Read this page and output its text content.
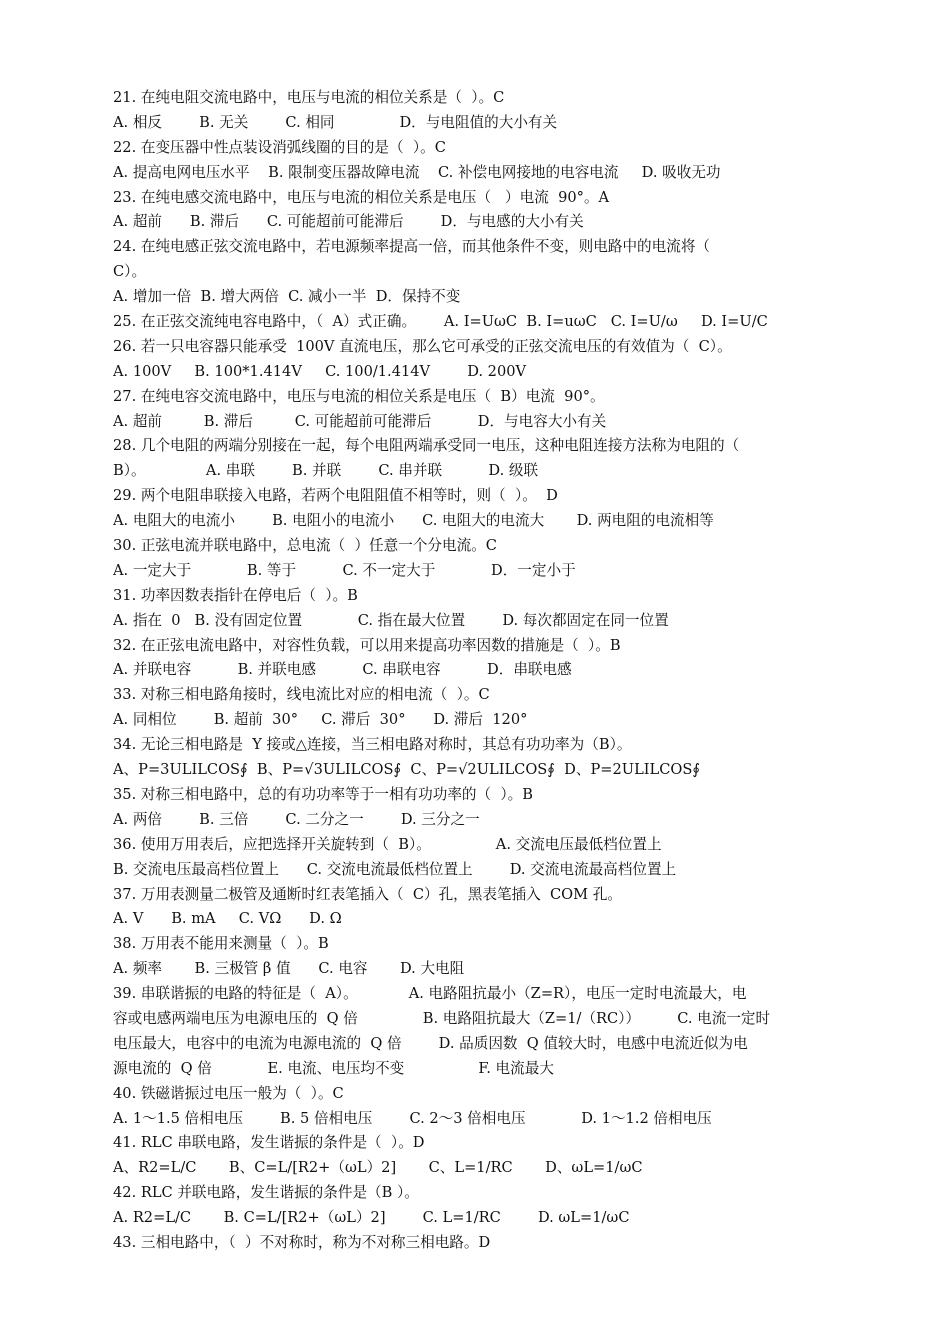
21. 在纯电阻交流电路中，电压与电流的相位关系是（  ）。C
A. 相反        B. 无关        C. 相同              D．与电阻值的大小有关
22. 在变压器中性点装设消弧线圈的目的是（  ）。C
A. 提高电网电压水平    B. 限制变压器故障电流    C. 补偿电网接地的电容电流     D. 吸收无功
23. 在纯电感交流电路中，电压与电流的相位关系是电压（   ）电流  90°。A
A. 超前      B. 滞后      C. 可能超前可能滞后        D．与电感的大小有关
24. 在纯电感正弦交流电路中，若电源频率提高一倍，而其他条件不变，则电路中的电流将（
C）。
A. 增加一倍  B. 增大两倍  C. 减小一半  D．保持不变
25. 在正弦交流纯电容电路中，（  A）式正确。      A. I=UωC  B. I=uωC   C. I=U/ω     D. I=U/C
26. 若一只电容器只能承受  100V 直流电压，那么它可承受的正弦交流电压的有效值为（  C）。
A. 100V     B. 100*1.414V     C. 100/1.414V        D. 200V
27. 在纯电容交流电路中，电压与电流的相位关系是电压（  B）电流  90°。
A. 超前         B. 滞后         C. 可能超前可能滞后          D．与电容大小有关
28. 几个电阻的两端分别接在一起，每个电阻两端承受同一电压，这种电阻连接方法称为电阻的（
B）。             A. 串联        B. 并联        C. 串并联          D. 级联
29. 两个电阻串联接入电路，若两个电阻阻值不相等时，则（  ）。  D
A. 电阻大的电流小        B. 电阻小的电流小      C. 电阻大的电流大       D. 两电阻的电流相等
30. 正弦电流并联电路中，总电流（  ）任意一个分电流。C
A. 一定大于            B. 等于          C. 不一定大于            D．一定小于
31. 功率因数表指针在停电后（  ）。B
A. 指在  0   B. 没有固定位置            C. 指在最大位置        D. 每次都固定在同一位置
32. 在正弦电流电路中，对容性负载，可以用来提高功率因数的措施是（  ）。B
A. 并联电容          B. 并联电感          C. 串联电容          D．串联电感
33. 对称三相电路角接时，线电流比对应的相电流（  ）。C
A. 同相位        B. 超前  30°     C. 滞后  30°      D. 滞后  120°
34. 无论三相电路是  Y 接或△连接，当三相电路对称时，其总有功功率为（B）。
A、P=3ULILCOS∮  B、P=√3ULILCOS∮  C、P=√2ULILCOS∮  D、P=2ULILCOS∮
35. 对称三相电路中，总的有功功率等于一相有功功率的（  ）。B
A. 两倍        B. 三倍        C. 二分之一        D. 三分之一
36. 使用万用表后，应把选择开关旋转到（  B）。              A. 交流电压最低档位置上
B. 交流电压最高档位置上      C. 交流电流最低档位置上        D. 交流电流最高档位置上
37. 万用表测量二极管及通断时红表笔插入（  C）孔，黑表笔插入  COM 孔。
A. V      B. mA     C. VΩ      D. Ω
38. 万用表不能用来测量（  ）。B
A. 频率       B. 三极管 β 值      C. 电容       D. 大电阻
39. 串联谐振的电路的特征是（  A）。           A. 电路阻抗最小（Z=R），电压一定时电流最大，电
容或电感两端电压为电源电压的  Q 倍              B. 电路阻抗最大（Z=1/（RC））        C. 电流一定时
电压最大，电容中的电流为电源电流的  Q 倍        D. 品质因数  Q 值较大时，电感中电流近似为电
源电流的  Q 倍            E. 电流、电压均不变                F. 电流最大
40. 铁磁谐振过电压一般为（  ）。C
A. 1～1.5 倍相电压        B. 5 倍相电压        C. 2～3 倍相电压            D. 1～1.2 倍相电压
41. RLC 串联电路，发生谐振的条件是（  ）。D
A、R2=L/C       B、C=L/[R2+（ωL）2]       C、L=1/RC       D、ωL=1/ωC
42. RLC 并联电路，发生谐振的条件是（B ）。
A. R2=L/C       B. C=L/[R2+（ωL）2]        C. L=1/RC        D. ωL=1/ωC
43. 三相电路中，（  ）不对称时，称为不对称三相电路。D
